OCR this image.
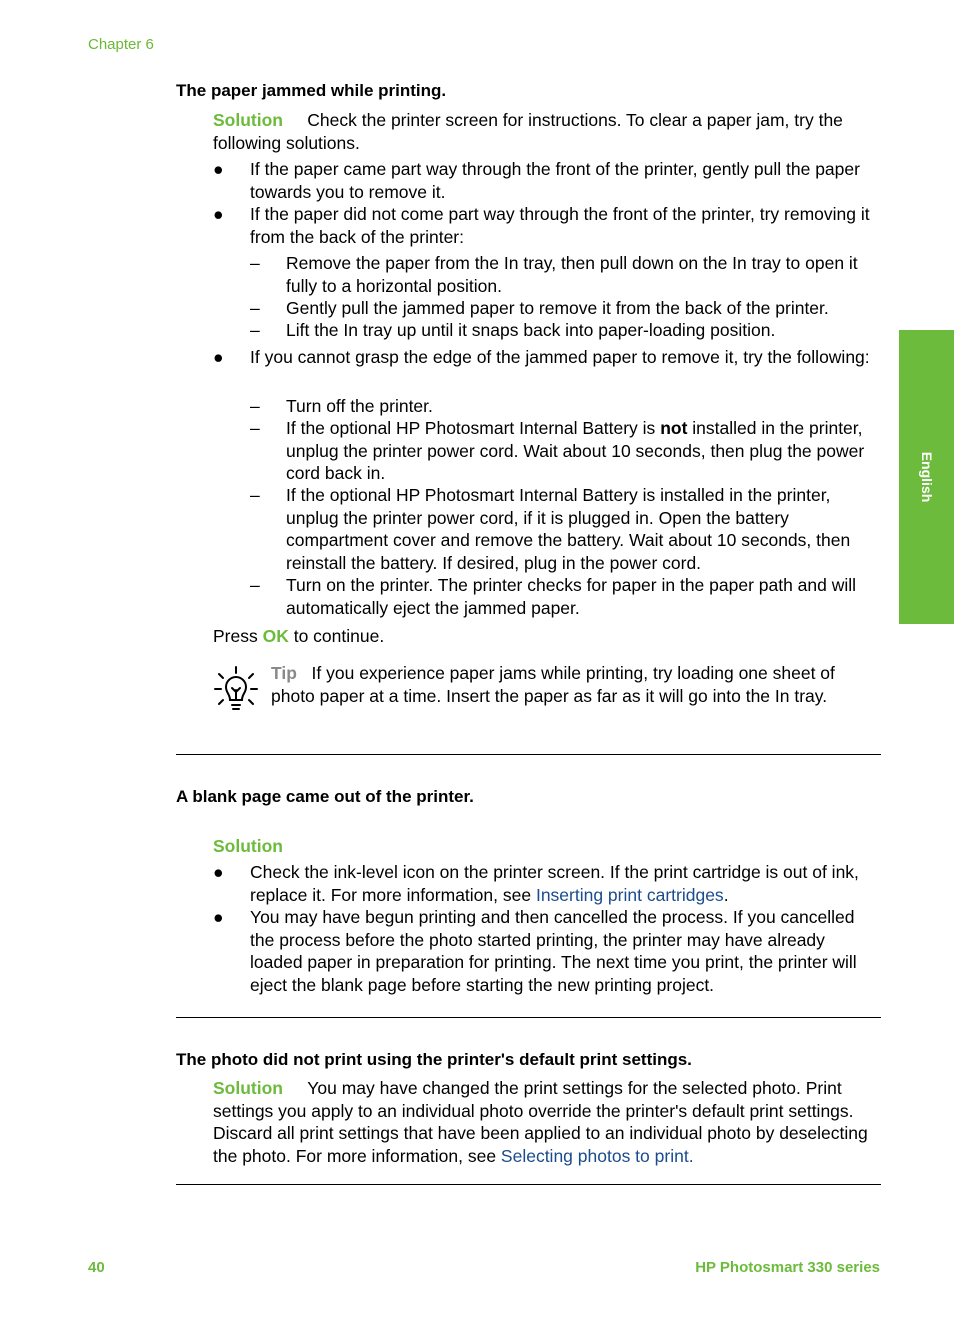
Chapter 6
English
The paper jammed while printing.
Solution Check the printer screen for instructions. To clear a paper jam, try the following solutions.
● If the paper came part way through the front of the printer, gently pull the paper towards you to remove it.
● If the paper did not come part way through the front of the printer, try removing it from the back of the printer:
– Remove the paper from the In tray, then pull down on the In tray to open it fully to a horizontal position.
– Gently pull the jammed paper to remove it from the back of the printer.
– Lift the In tray up until it snaps back into paper-loading position.
● If you cannot grasp the edge of the jammed paper to remove it, try the following:
– Turn off the printer.
– If the optional HP Photosmart Internal Battery is not installed in the printer, unplug the printer power cord. Wait about 10 seconds, then plug the power cord back in.
– If the optional HP Photosmart Internal Battery is installed in the printer, unplug the printer power cord, if it is plugged in. Open the battery compartment cover and remove the battery. Wait about 10 seconds, then reinstall the battery. If desired, plug in the power cord.
– Turn on the printer. The printer checks for paper in the paper path and will automatically eject the jammed paper.
Press OK to continue.
Tip If you experience paper jams while printing, try loading one sheet of photo paper at a time. Insert the paper as far as it will go into the In tray.
A blank page came out of the printer.
Solution
● Check the ink-level icon on the printer screen. If the print cartridge is out of ink, replace it. For more information, see Inserting print cartridges.
● You may have begun printing and then cancelled the process. If you cancelled the process before the photo started printing, the printer may have already loaded paper in preparation for printing. The next time you print, the printer will eject the blank page before starting the new printing project.
The photo did not print using the printer's default print settings.
Solution You may have changed the print settings for the selected photo. Print settings you apply to an individual photo override the printer's default print settings. Discard all print settings that have been applied to an individual photo by deselecting the photo. For more information, see Selecting photos to print.
40	HP Photosmart 330 series
